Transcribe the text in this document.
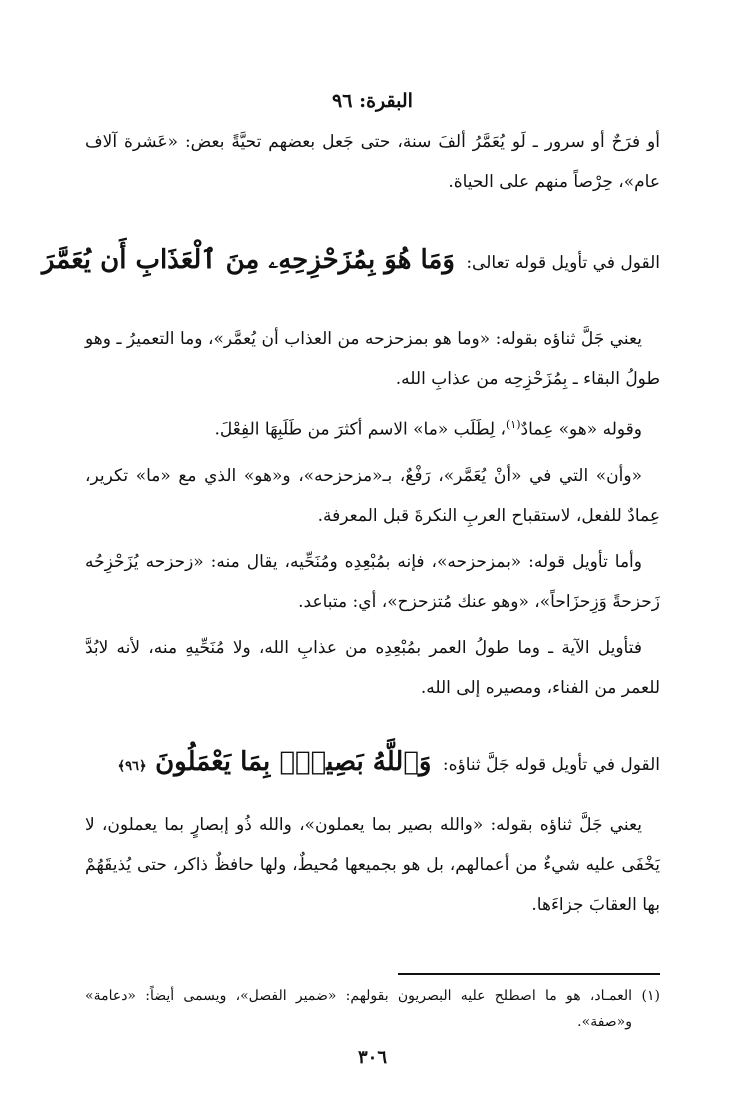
البقرة: ٩٦

أو فرَحٌ أو سرور ـ لَو يُعَمَّرُ ألفَ سنة، حتى جَعل بعضهم تحيَّةً بعض: «عَشرة آلاف عام»، حِرْصاً منهم على الحياة.

القول في تأويل قوله تعالى: وَمَا هُوَ بِمُزَحْزِحِهِۦ مِنَ ٱلْعَذَابِ أَن يُعَمَّرَ

يعني جَلَّ ثناؤه بقوله: «وما هو بمزحزحه من العذاب أن يُعمَّر»، وما التعميرُ ـ وهو طولُ البقاء ـ بِمُزَحْزِحِه من عذابِ الله.

وقوله «هو» عِمادٌ$^{(١)}$، لِطَلَب «ما» الاسم أكثرَ من طَلَبِهَا الفِعْلَ.

«وأن» التي في «أنْ يُعَمَّر»، رَفْعٌ، بـ«مزحزحه»، و«هو» الذي مع «ما» تكرير، عِمادٌ للفعل، لاستقباح العربِ النكرةَ قبل المعرفة.

وأما تأويل قوله: «بمزحزحه»، فإنه بمُبْعِدِه ومُنَحِّيه، يقال منه: «زحزحه يُزَحْزِحُه زَحزحةً وَزِحزَاحاً»، «وهو عنك مُتزحزح»، أي: متباعد.

فتأويل الآية ـ وما طولُ العمر بمُبْعِدِه من عذابِ الله، ولا مُنَحِّيهِ منه، لأنه لابُدَّ للعمر من الفناء، ومصيره إلى الله.

القول في تأويل قوله جَلَّ ثناؤه: وَٱللَّهُ بَصِيرٌۢ بِمَا يَعْمَلُونَ ﴿٩٦﴾

يعني جَلَّ ثناؤه بقوله: «والله بصير بما يعملون»، والله ذُو إبصارٍ بما يعملون، لا يَخْفَى عليه شيءٌ من أعمالهم، بل هو بجميعها مُحيطٌ، ولها حافظٌ ذاكر، حتى يُذيقَهُمْ بها العقابَ جزاءَها.

(١)
العمـاد، هو ما اصطلح عليه البصريون بقولهم: «ضمير الفصل»، ويسمى أيضاً: «دعامة» و«صفة».

٣٠٦
